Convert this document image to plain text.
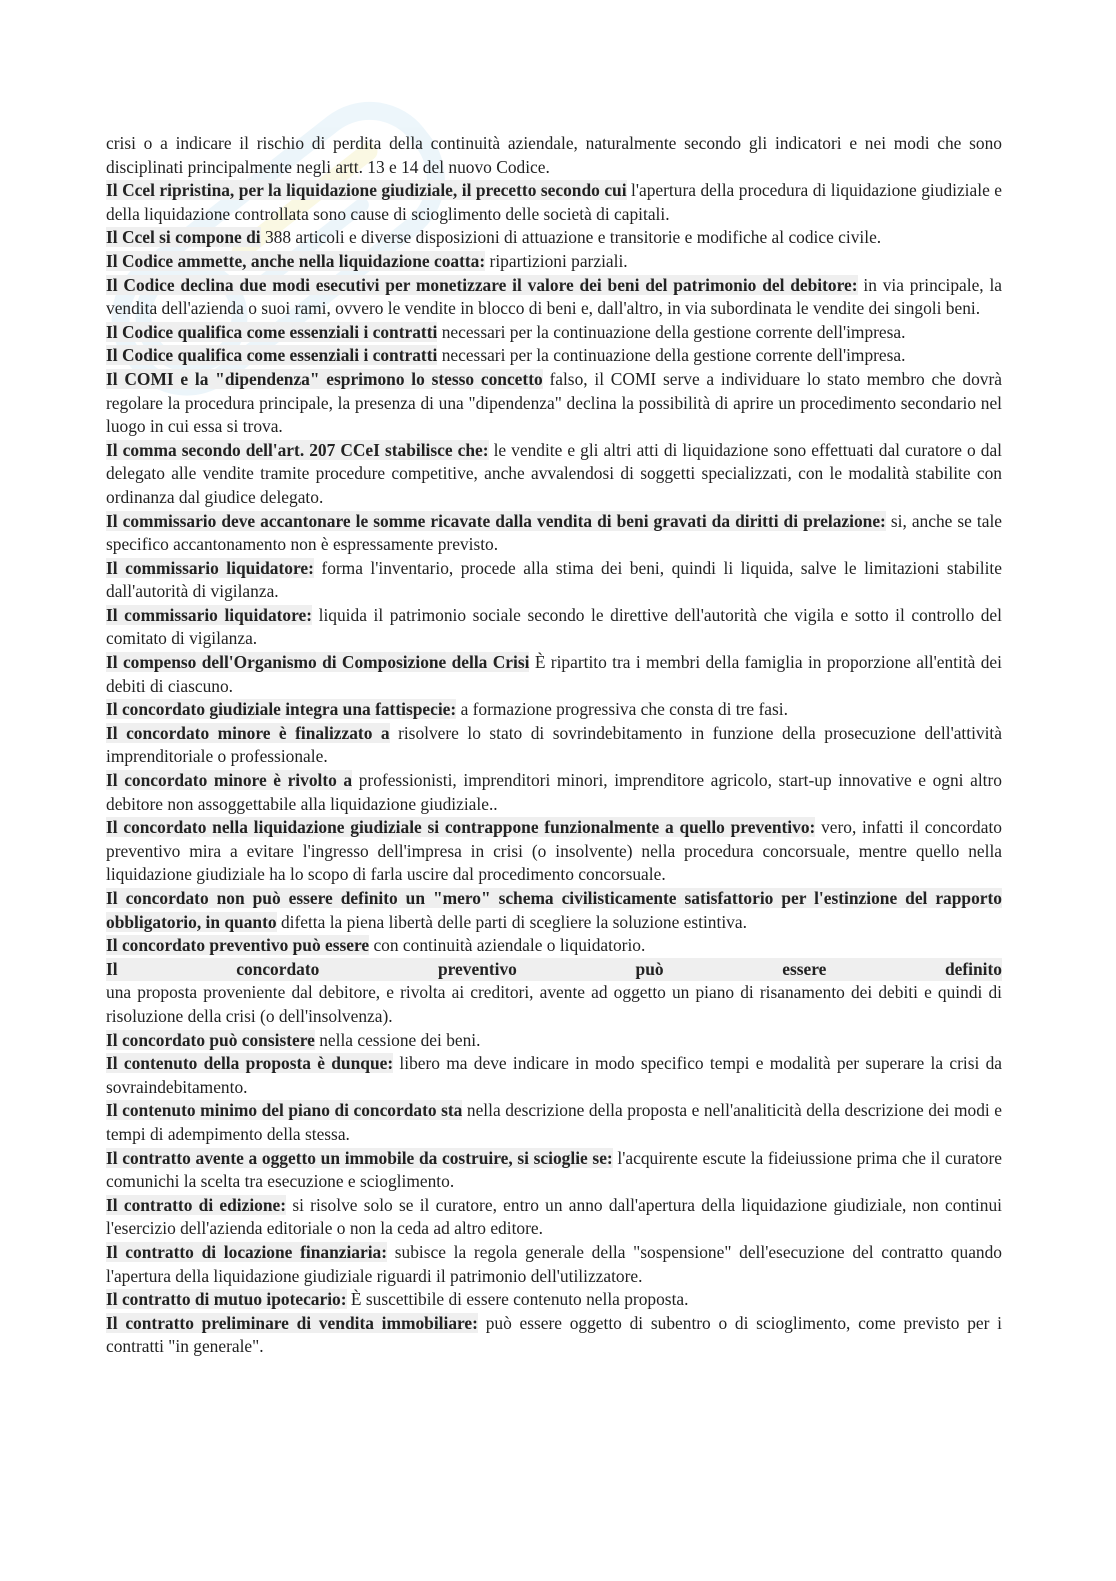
crisi o a indicare il rischio di perdita della continuità aziendale, naturalmente secondo gli indicatori e nei modi che sono disciplinati principalmente negli artt. 13 e 14 del nuovo Codice.

Il Ccel ripristina, per la liquidazione giudiziale, il precetto secondo cui l'apertura della procedura di liquidazione giudiziale e della liquidazione controllata sono cause di scioglimento delle società di capitali.

Il Ccel si compone di 388 articoli e diverse disposizioni di attuazione e transitorie e modifiche al codice civile.

Il Codice ammette, anche nella liquidazione coatta: ripartizioni parziali.

Il Codice declina due modi esecutivi per monetizzare il valore dei beni del patrimonio del debitore: in via principale, la vendita dell'azienda o suoi rami, ovvero le vendite in blocco di beni e, dall'altro, in via subordinata le vendite dei singoli beni.

Il Codice qualifica come essenziali i contratti necessari per la continuazione della gestione corrente dell'impresa.

Il Codice qualifica come essenziali i contratti necessari per la continuazione della gestione corrente dell'impresa.

Il COMI e la "dipendenza" esprimono lo stesso concetto falso, il COMI serve a individuare lo stato membro che dovrà regolare la procedura principale, la presenza di una "dipendenza" declina la possibilità di aprire un procedimento secondario nel luogo in cui essa si trova.

Il comma secondo dell'art. 207 CCeI stabilisce che: le vendite e gli altri atti di liquidazione sono effettuati dal curatore o dal delegato alle vendite tramite procedure competitive, anche avvalendosi di soggetti specializzati, con le modalità stabilite con ordinanza dal giudice delegato.

Il commissario deve accantonare le somme ricavate dalla vendita di beni gravati da diritti di prelazione: si, anche se tale specifico accantonamento non è espressamente previsto.

Il commissario liquidatore: forma l'inventario, procede alla stima dei beni, quindi li liquida, salve le limitazioni stabilite dall'autorità di vigilanza.

Il commissario liquidatore: liquida il patrimonio sociale secondo le direttive dell'autorità che vigila e sotto il controllo del comitato di vigilanza.

Il compenso dell'Organismo di Composizione della Crisi È ripartito tra i membri della famiglia in proporzione all'entità dei debiti di ciascuno.

Il concordato giudiziale integra una fattispecie: a formazione progressiva che consta di tre fasi.

Il concordato minore è finalizzato a risolvere lo stato di sovrindebitamento in funzione della prosecuzione dell'attività imprenditoriale o professionale.

Il concordato minore è rivolto a professionisti, imprenditori minori, imprenditore agricolo, start-up innovative e ogni altro debitore non assoggettabile alla liquidazione giudiziale..

Il concordato nella liquidazione giudiziale si contrappone funzionalmente a quello preventivo: vero, infatti il concordato preventivo mira a evitare l'ingresso dell'impresa in crisi (o insolvente) nella procedura concorsuale, mentre quello nella liquidazione giudiziale ha lo scopo di farla uscire dal procedimento concorsuale.

Il concordato non può essere definito un "mero" schema civilisticamente satisfattorio per l'estinzione del rapporto obbligatorio, in quanto difetta la piena libertà delle parti di scegliere la soluzione estintiva.

Il concordato preventivo può essere con continuità aziendale o liquidatorio.

Il concordato preventivo può essere definito
una proposta proveniente dal debitore, e rivolta ai creditori, avente ad oggetto un piano di risanamento dei debiti e quindi di risoluzione della crisi (o dell'insolvenza).

Il concordato può consistere nella cessione dei beni.

Il contenuto della proposta è dunque: libero ma deve indicare in modo specifico tempi e modalità per superare la crisi da sovraindebitamento.

Il contenuto minimo del piano di concordato sta nella descrizione della proposta e nell'analiticità della descrizione dei modi e tempi di adempimento della stessa.

Il contratto avente a oggetto un immobile da costruire, si scioglie se: l'acquirente escute la fideiussione prima che il curatore comunichi la scelta tra esecuzione e scioglimento.

Il contratto di edizione: si risolve solo se il curatore, entro un anno dall'apertura della liquidazione giudiziale, non continui l'esercizio dell'azienda editoriale o non la ceda ad altro editore.

Il contratto di locazione finanziaria: subisce la regola generale della "sospensione" dell'esecuzione del contratto quando l'apertura della liquidazione giudiziale riguardi il patrimonio dell'utilizzatore.

Il contratto di mutuo ipotecario: È suscettibile di essere contenuto nella proposta.

Il contratto preliminare di vendita immobiliare: può essere oggetto di subentro o di scioglimento, come previsto per i contratti "in generale".
